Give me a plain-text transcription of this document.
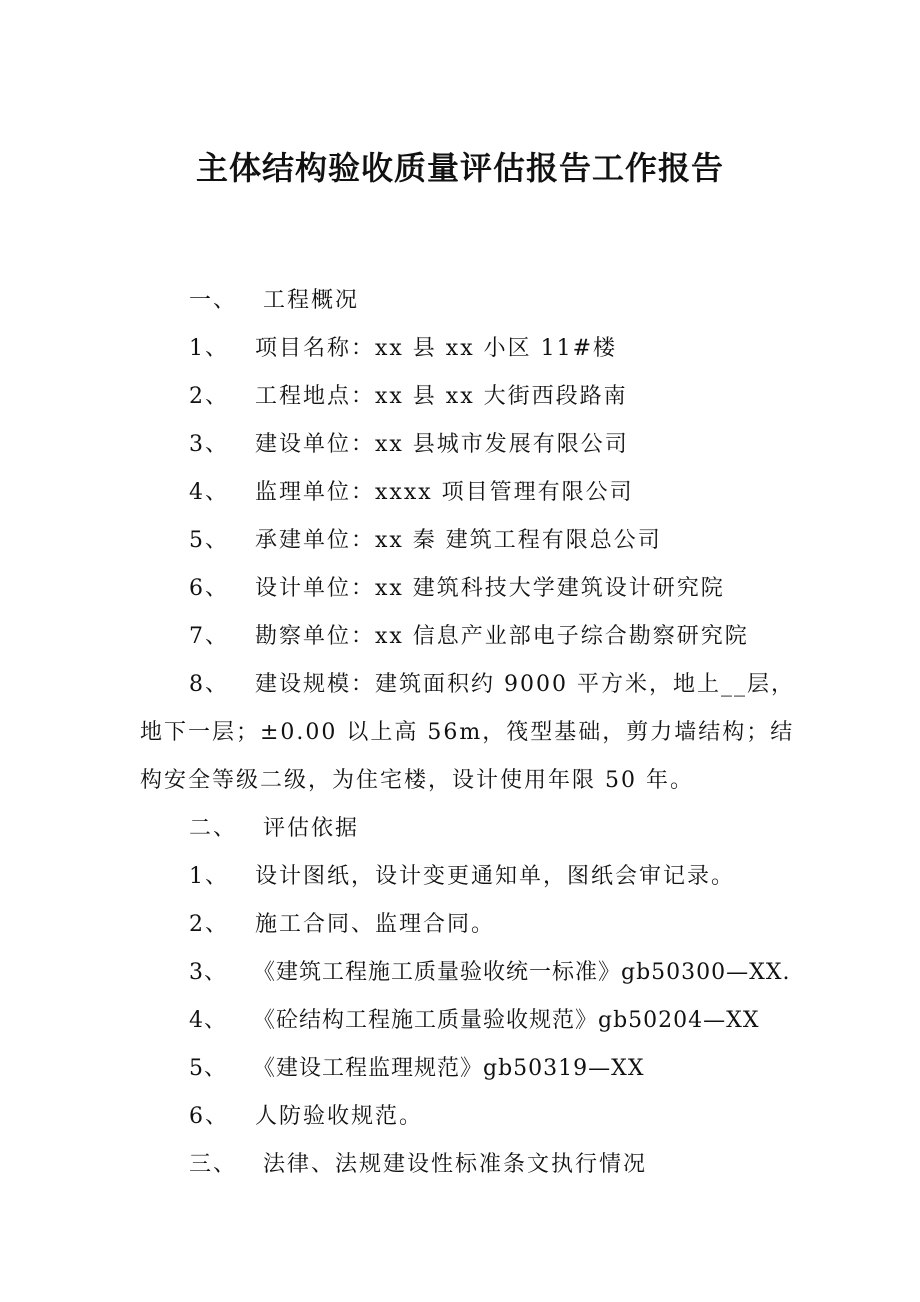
主体结构验收质量评估报告工作报告
一、 工程概况
1、 项目名称：xx 县 xx 小区 11#楼
2、 工程地点：xx 县 xx 大街西段路南
3、 建设单位：xx 县城市发展有限公司
4、 监理单位：xxxx 项目管理有限公司
5、 承建单位：xx 秦 建筑工程有限总公司
6、 设计单位：xx 建筑科技大学建筑设计研究院
7、 勘察单位：xx 信息产业部电子综合勘察研究院
8、 建设规模：建筑面积约 9000 平方米，地上__层，
地下一层；±0.00 以上高 56m，筏型基础，剪力墙结构；结
构安全等级二级，为住宅楼，设计使用年限 50 年。
二、 评估依据
1、 设计图纸，设计变更通知单，图纸会审记录。
2、 施工合同、监理合同。
3、 《建筑工程施工质量验收统一标准》gb50300—XX.
4、 《砼结构工程施工质量验收规范》gb50204—XX
5、 《建设工程监理规范》gb50319—XX
6、 人防验收规范。
三、 法律、法规建设性标准条文执行情况
